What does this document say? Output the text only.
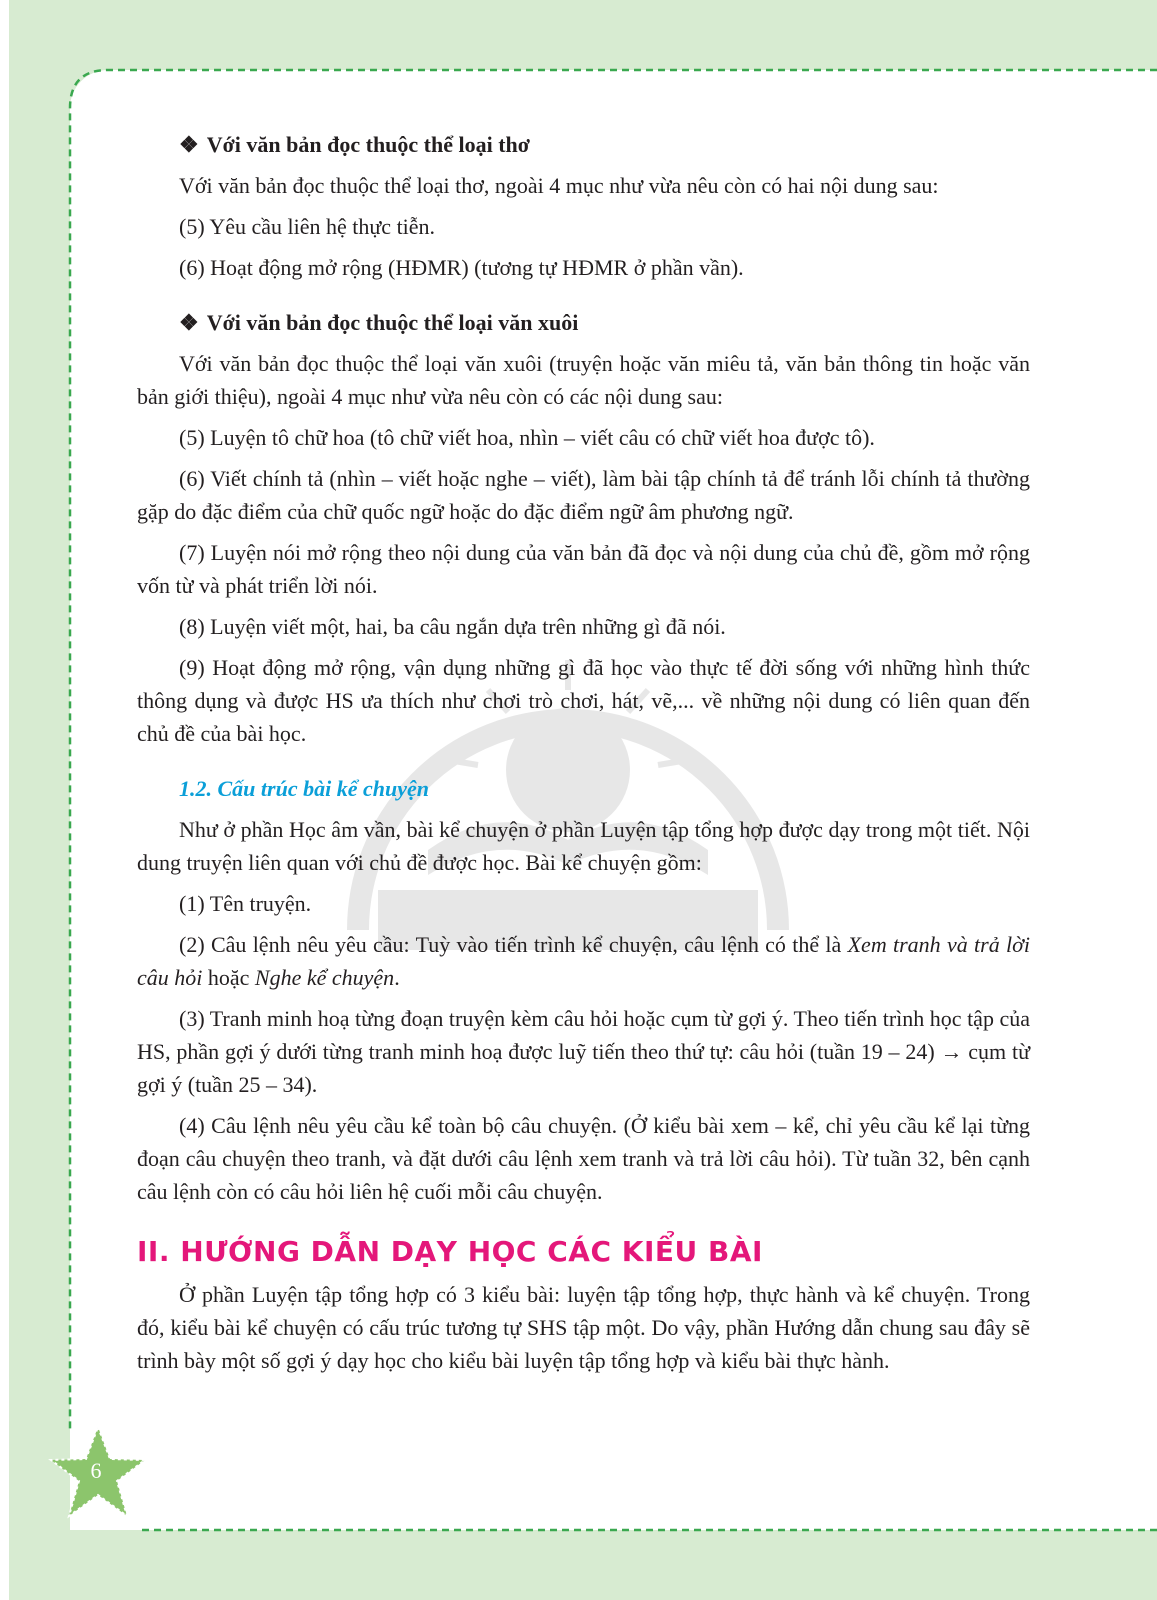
❖ Với văn bản đọc thuộc thể loại thơ

Với văn bản đọc thuộc thể loại thơ, ngoài 4 mục như vừa nêu còn có hai nội dung sau:

(5) Yêu cầu liên hệ thực tiễn.

(6) Hoạt động mở rộng (HĐMR) (tương tự HĐMR ở phần vần).

❖ Với văn bản đọc thuộc thể loại văn xuôi

Với văn bản đọc thuộc thể loại văn xuôi (truyện hoặc văn miêu tả, văn bản thông tin hoặc văn bản giới thiệu), ngoài 4 mục như vừa nêu còn có các nội dung sau:

(5) Luyện tô chữ hoa (tô chữ viết hoa, nhìn – viết câu có chữ viết hoa được tô).

(6) Viết chính tả (nhìn – viết hoặc nghe – viết), làm bài tập chính tả để tránh lỗi chính tả thường gặp do đặc điểm của chữ quốc ngữ hoặc do đặc điểm ngữ âm phương ngữ.

(7) Luyện nói mở rộng theo nội dung của văn bản đã đọc và nội dung của chủ đề, gồm mở rộng vốn từ và phát triển lời nói.

(8) Luyện viết một, hai, ba câu ngắn dựa trên những gì đã nói.

(9) Hoạt động mở rộng, vận dụng những gì đã học vào thực tế đời sống với những hình thức thông dụng và được HS ưa thích như chơi trò chơi, hát, vẽ,... về những nội dung có liên quan đến chủ đề của bài học.

1.2. Cấu trúc bài kể chuyện

Như ở phần Học âm vần, bài kể chuyện ở phần Luyện tập tổng hợp được dạy trong một tiết. Nội dung truyện liên quan với chủ đề được học. Bài kể chuyện gồm:

(1) Tên truyện.

(2) Câu lệnh nêu yêu cầu: Tuỳ vào tiến trình kể chuyện, câu lệnh có thể là Xem tranh và trả lời câu hỏi hoặc Nghe kể chuyện.

(3) Tranh minh hoạ từng đoạn truyện kèm câu hỏi hoặc cụm từ gợi ý. Theo tiến trình học tập của HS, phần gợi ý dưới từng tranh minh hoạ được luỹ tiến theo thứ tự: câu hỏi (tuần 19 – 24) → cụm từ gợi ý (tuần 25 – 34).

(4) Câu lệnh nêu yêu cầu kể toàn bộ câu chuyện. (Ở kiểu bài xem – kể, chỉ yêu cầu kể lại từng đoạn câu chuyện theo tranh, và đặt dưới câu lệnh xem tranh và trả lời câu hỏi). Từ tuần 32, bên cạnh câu lệnh còn có câu hỏi liên hệ cuối mỗi câu chuyện.

II. HƯỚNG DẪN DẠY HỌC CÁC KIỂU BÀI

Ở phần Luyện tập tổng hợp có 3 kiểu bài: luyện tập tổng hợp, thực hành và kể chuyện. Trong đó, kiểu bài kể chuyện có cấu trúc tương tự SHS tập một. Do vậy, phần Hướng dẫn chung sau đây sẽ trình bày một số gợi ý dạy học cho kiểu bài luyện tập tổng hợp và kiểu bài thực hành.

6
